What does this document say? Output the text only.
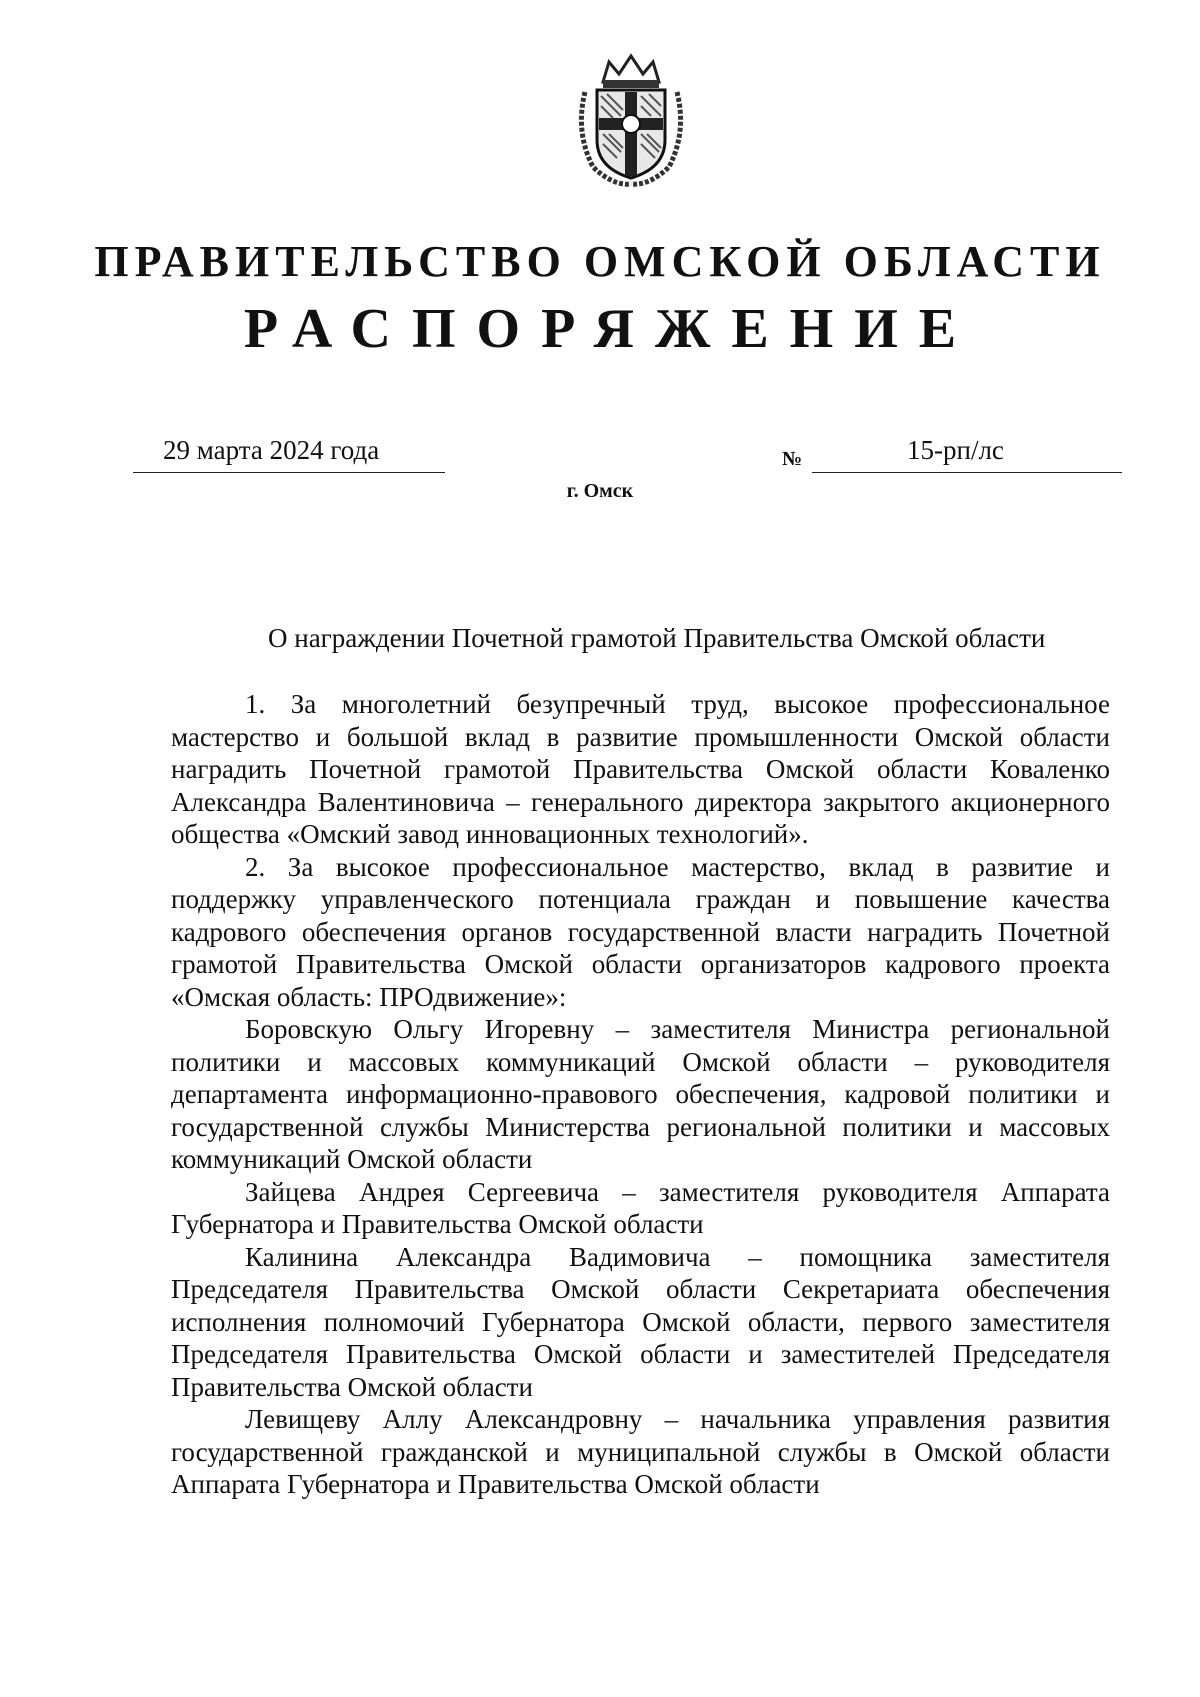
ПРАВИТЕЛЬСТВО ОМСКОЙ ОБЛАСТИ
РАСПОРЯЖЕНИЕ
29 марта 2024 года	№	15-рп/лс
г. Омск
О награждении Почетной грамотой Правительства Омской области

1. За многолетний безупречный труд, высокое профессиональное мастерство и большой вклад в развитие промышленности Омской области наградить Почетной грамотой Правительства Омской области Коваленко Александра Валентиновича – генерального директора закрытого акционерного общества «Омский завод инновационных технологий».

2. За высокое профессиональное мастерство, вклад в развитие и поддержку управленческого потенциала граждан и повышение качества кадрового обеспечения органов государственной власти наградить Почетной грамотой Правительства Омской области организаторов кадрового проекта «Омская область: ПРОдвижение»:

Боровскую Ольгу Игоревну – заместителя Министра региональной политики и массовых коммуникаций Омской области – руководителя департамента информационно-правового обеспечения, кадровой политики и государственной службы Министерства региональной политики и массовых коммуникаций Омской области

Зайцева Андрея Сергеевича – заместителя руководителя Аппарата Губернатора и Правительства Омской области

Калинина Александра Вадимовича – помощника заместителя Председателя Правительства Омской области Секретариата обеспечения исполнения полномочий Губернатора Омской области, первого заместителя Председателя Правительства Омской области и заместителей Председателя Правительства Омской области

Левищеву Аллу Александровну – начальника управления развития государственной гражданской и муниципальной службы в Омской области Аппарата Губернатора и Правительства Омской области
